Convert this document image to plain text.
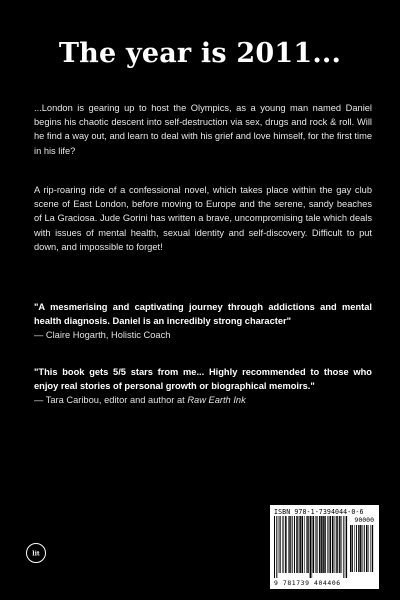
The year is 2011...

...London is gearing up to host the Olympics, as a young man named Daniel begins his chaotic descent into self-destruction via sex, drugs and rock & roll. Will he find a way out, and learn to deal with his grief and love himself, for the first time in his life?

A rip-roaring ride of a confessional novel, which takes place within the gay club scene of East London, before moving to Europe and the serene, sandy beaches of La Graciosa. Jude Gorini has written a brave, uncompromising tale which deals with issues of mental health, sexual identity and self-discovery. Difficult to put down, and impossible to forget!

"A mesmerising and captivating journey through addictions and mental health diagnosis. Daniel is an incredibly strong character"

— Claire Hogarth, Holistic Coach

"This book gets 5/5 stars from me... Highly recommended to those who enjoy real stories of personal growth or biographical memoirs."

— Tara Caribou, editor and author at Raw Earth Ink

lit

ISBN 978-1-7394044-0-6

90000

9 781739 404406
